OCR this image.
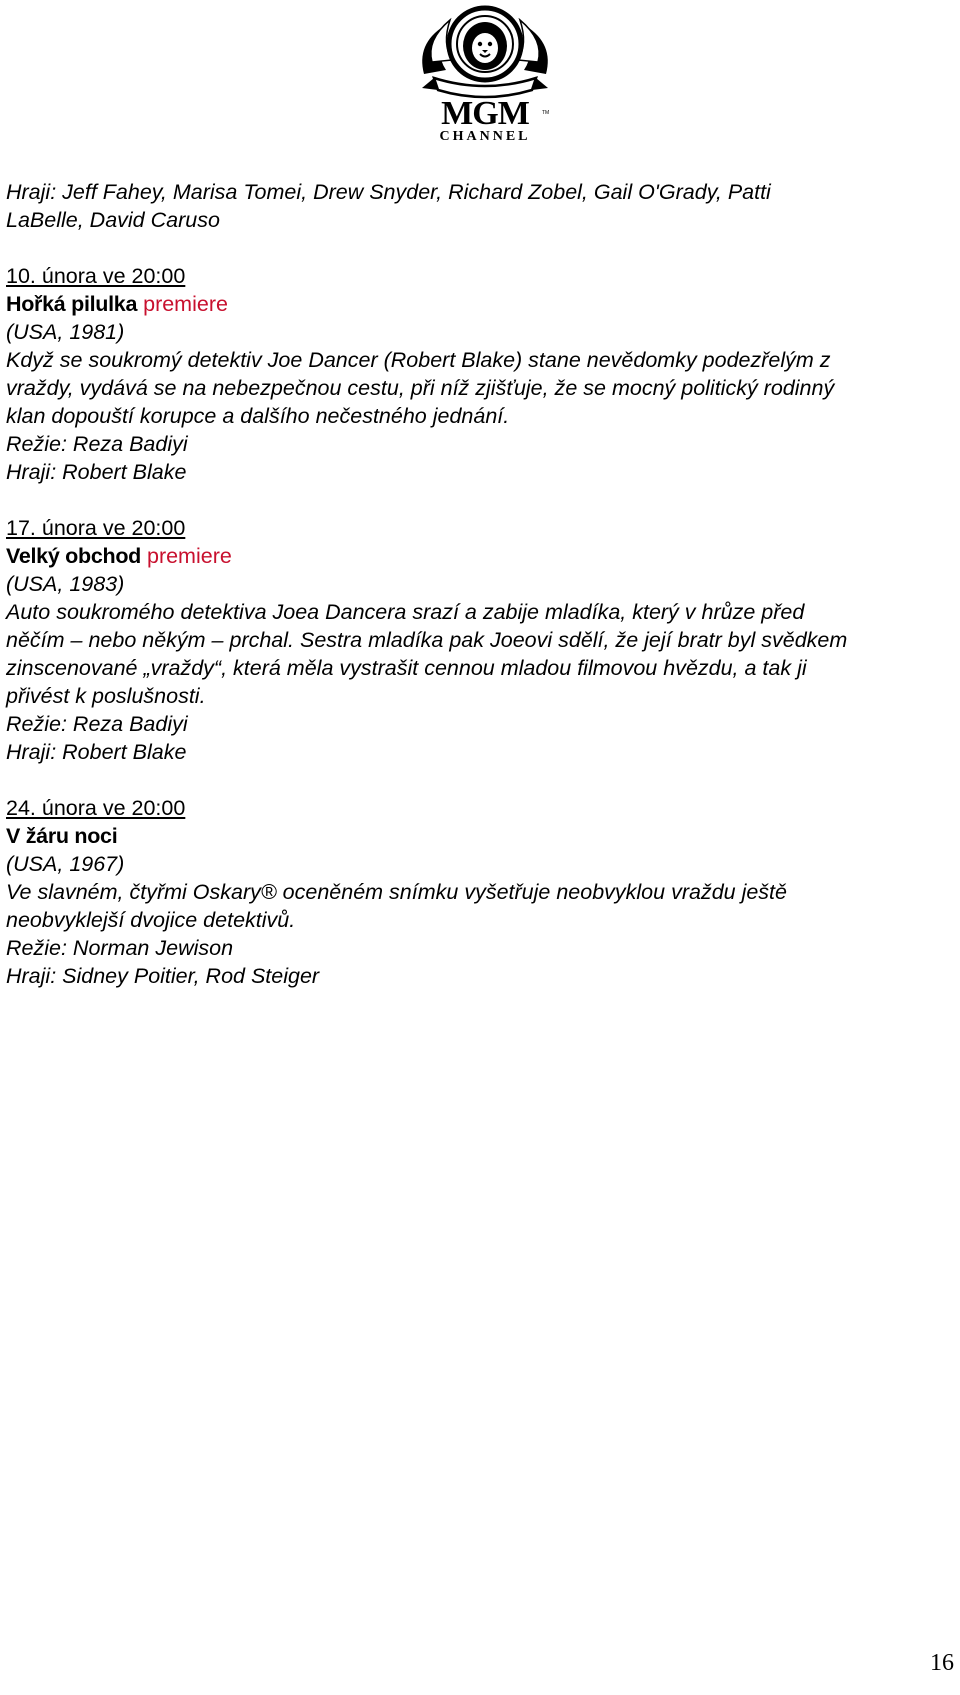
MGM	TM
CHANNEL
Hraji: Jeff Fahey, Marisa Tomei, Drew Snyder, Richard Zobel, Gail O'Grady, Patti
LaBelle, David Caruso
10. února ve 20:00
Hořká pilulka premiere
(USA, 1981)
Když se soukromý detektiv Joe Dancer (Robert Blake) stane nevědomky podezřelým z
vraždy, vydává se na nebezpečnou cestu, při níž zjišťuje, že se mocný politický rodinný
klan dopouští korupce a dalšího nečestného jednání.
Režie: Reza Badiyi
Hraji: Robert Blake
17. února ve 20:00
Velký obchod premiere
(USA, 1983)
Auto soukromého detektiva Joea Dancera srazí a zabije mladíka, který v hrůze před
něčím – nebo někým – prchal. Sestra mladíka pak Joeovi sdělí, že její bratr byl svědkem
zinscenované „vraždy“, která měla vystrašit cennou mladou filmovou hvězdu, a tak ji
přivést k poslušnosti.
Režie: Reza Badiyi
Hraji: Robert Blake
24. února ve 20:00
V žáru noci
(USA, 1967)
Ve slavném, čtyřmi Oskary® oceněném snímku vyšetřuje neobvyklou vraždu ještě
neobvyklejší dvojice detektivů.
Režie: Norman Jewison
Hraji: Sidney Poitier, Rod Steiger
16
